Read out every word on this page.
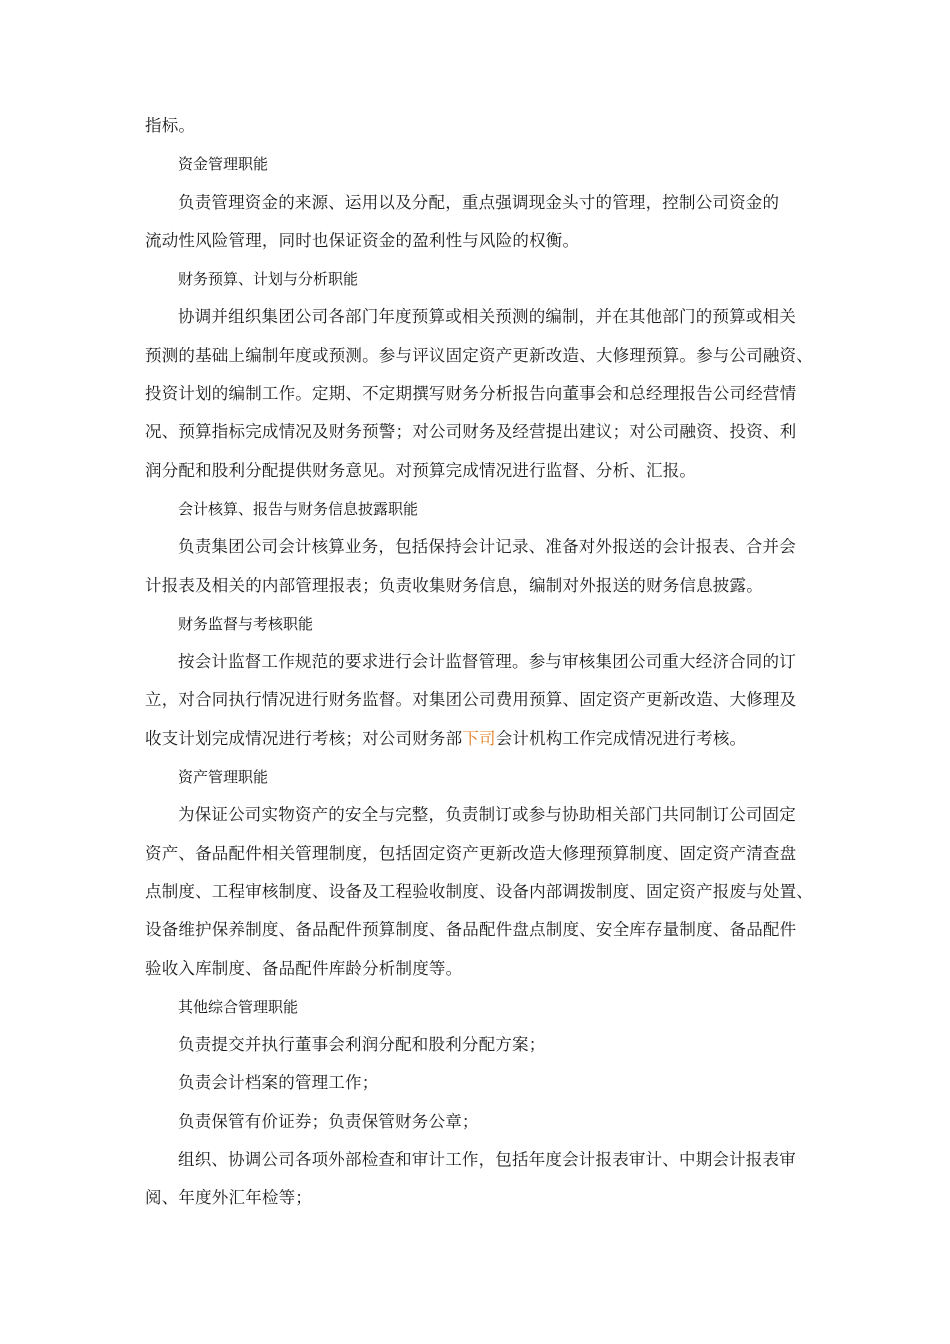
指标。
资金管理职能
负责管理资金的来源、运用以及分配，重点强调现金头寸的管理，控制公司资金的
流动性风险管理，同时也保证资金的盈利性与风险的权衡。
财务预算、计划与分析职能
协调并组织集团公司各部门年度预算或相关预测的编制，并在其他部门的预算或相关
预测的基础上编制年度或预测。参与评议固定资产更新改造、大修理预算。参与公司融资、
投资计划的编制工作。定期、不定期撰写财务分析报告向董事会和总经理报告公司经营情
况、预算指标完成情况及财务预警；对公司财务及经营提出建议；对公司融资、投资、利
润分配和股利分配提供财务意见。对预算完成情况进行监督、分析、汇报。
会计核算、报告与财务信息披露职能
负责集团公司会计核算业务，包括保持会计记录、准备对外报送的会计报表、合并会
计报表及相关的内部管理报表；负责收集财务信息，编制对外报送的财务信息披露。
财务监督与考核职能
按会计监督工作规范的要求进行会计监督管理。参与审核集团公司重大经济合同的订
立，对合同执行情况进行财务监督。对集团公司费用预算、固定资产更新改造、大修理及
收支计划完成情况进行考核；对公司财务部下司会计机构工作完成情况进行考核。
资产管理职能
为保证公司实物资产的安全与完整，负责制订或参与协助相关部门共同制订公司固定
资产、备品配件相关管理制度，包括固定资产更新改造大修理预算制度、固定资产清查盘
点制度、工程审核制度、设备及工程验收制度、设备内部调拨制度、固定资产报废与处置、
设备维护保养制度、备品配件预算制度、备品配件盘点制度、安全库存量制度、备品配件
验收入库制度、备品配件库龄分析制度等。
其他综合管理职能
负责提交并执行董事会利润分配和股利分配方案；
负责会计档案的管理工作；
负责保管有价证券；负责保管财务公章；
组织、协调公司各项外部检查和审计工作，包括年度会计报表审计、中期会计报表审
阅、年度外汇年检等；
